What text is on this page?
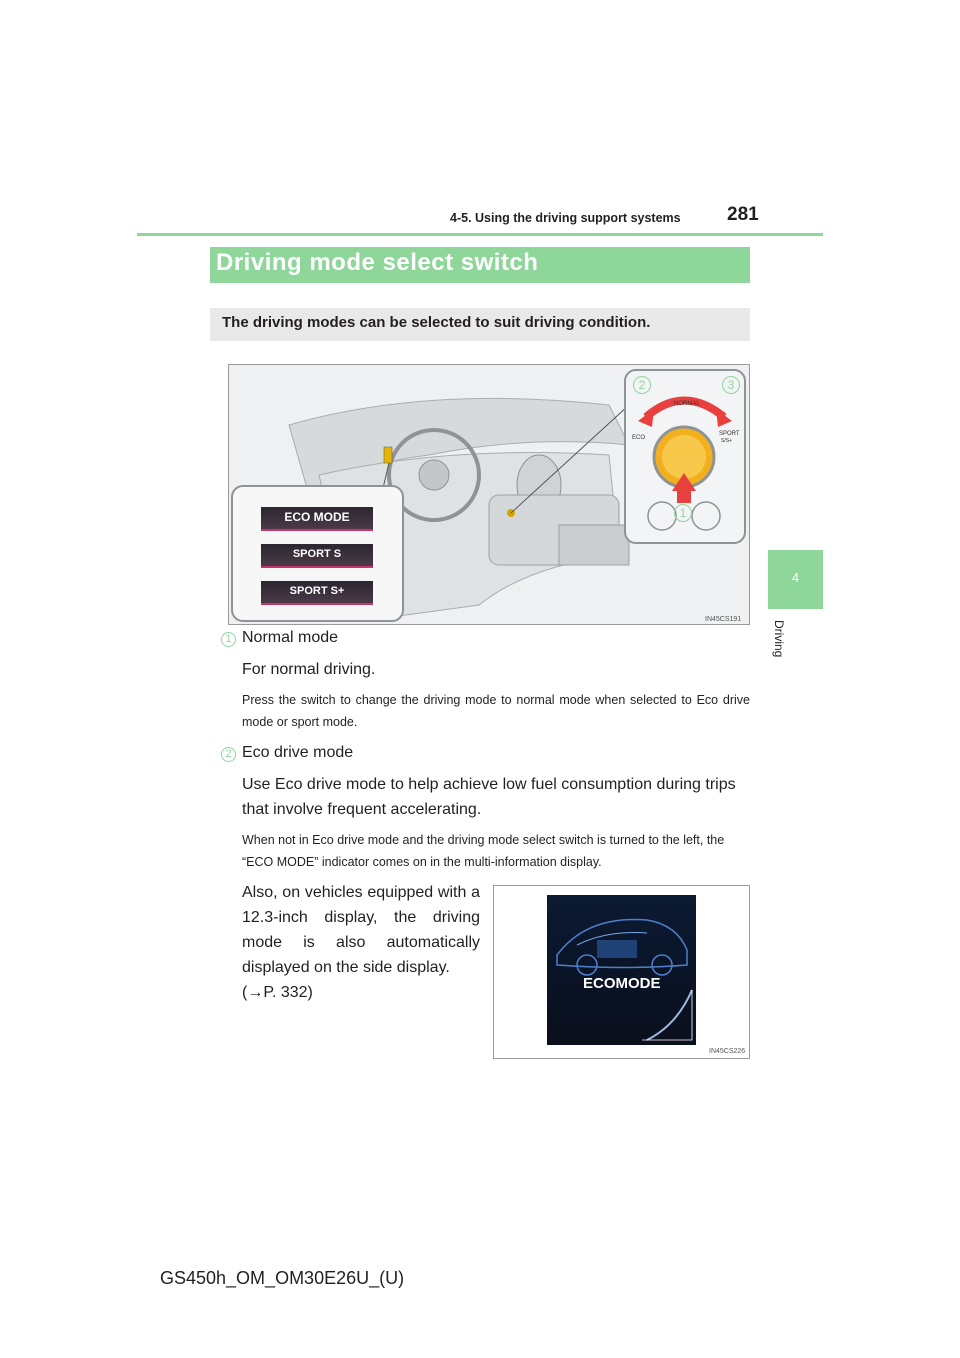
4-5. Using the driving support systems 281
4
Driving
Driving mode select switch
The driving modes can be selected to suit driving condition.
IN45CS191
ECO MODE
SPORT S
SPORT S+
ECO
NORMAL
SPORT
S/S+
2	3
1
1 Normal mode
For normal driving.
Press the switch to change the driving mode to normal mode when selected to Eco drive mode or sport mode.
2 Eco drive mode
Use Eco drive mode to help achieve low fuel consumption during trips that involve frequent accelerating.
When not in Eco drive mode and the driving mode select switch is turned to the left, the “ECO MODE” indicator comes on in the multi-information display.
Also, on vehicles equipped with a 12.3-inch display, the driving mode is also automatically displayed on the side display.
(→P. 332)
ECOMODE
IN45CS226
GS450h_OM_OM30E26U_(U)
